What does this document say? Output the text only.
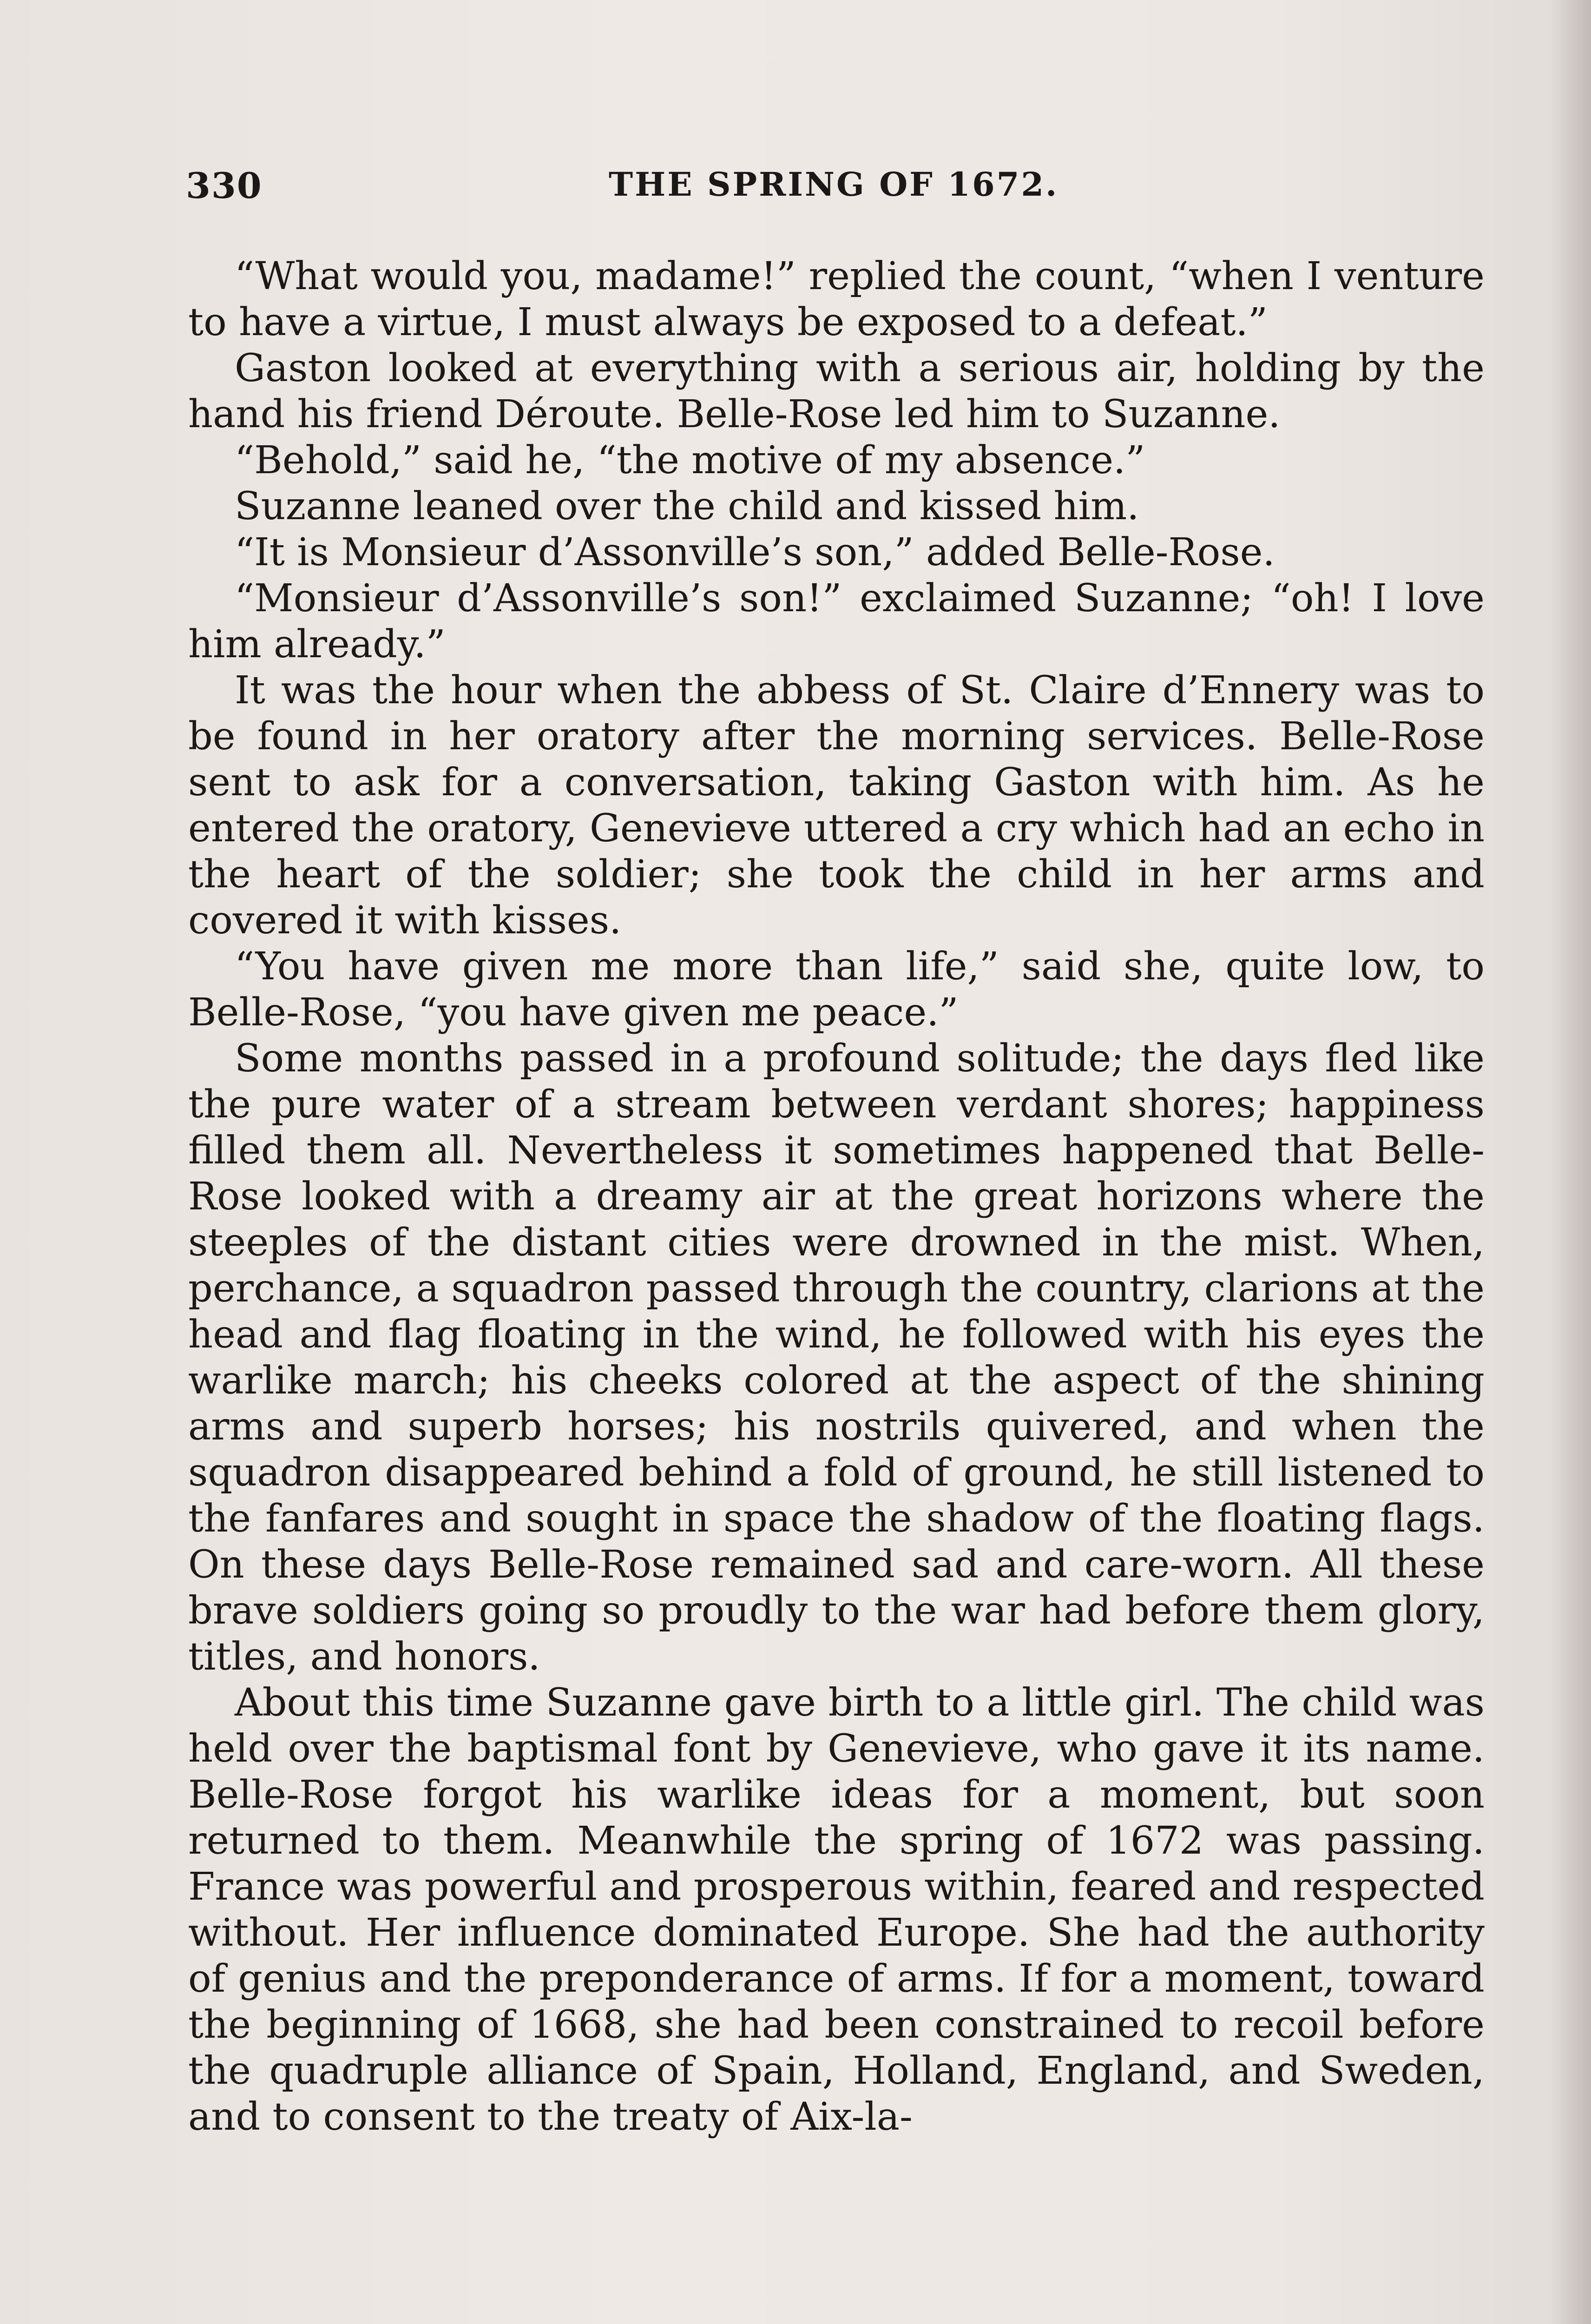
330	THE SPRING OF 1672.

“What would you, madame!” replied the count, “when I venture to have a virtue, I must always be exposed to a defeat.”

Gaston looked at everything with a serious air, holding by the hand his friend Déroute. Belle-Rose led him to Suzanne.

“Behold,” said he, “the motive of my absence.”

Suzanne leaned over the child and kissed him.

“It is Monsieur d’Assonville’s son,” added Belle-Rose.

“Monsieur d’Assonville’s son!” exclaimed Suzanne; “oh! I love him already.”

It was the hour when the abbess of St. Claire d’Ennery was to be found in her oratory after the morning services. Belle-Rose sent to ask for a conversation, taking Gaston with him. As he entered the oratory, Genevieve uttered a cry which had an echo in the heart of the soldier; she took the child in her arms and covered it with kisses.

“You have given me more than life,” said she, quite low, to Belle-Rose, “you have given me peace.”

Some months passed in a profound solitude; the days fled like the pure water of a stream between verdant shores; happiness filled them all. Nevertheless it sometimes happened that Belle-Rose looked with a dreamy air at the great horizons where the steeples of the distant cities were drowned in the mist. When, perchance, a squadron passed through the country, clarions at the head and flag floating in the wind, he followed with his eyes the warlike march; his cheeks colored at the aspect of the shining arms and superb horses; his nostrils quivered, and when the squadron disappeared behind a fold of ground, he still listened to the fanfares and sought in space the shadow of the floating flags. On these days Belle-Rose remained sad and care-worn. All these brave soldiers going so proudly to the war had before them glory, titles, and honors.

About this time Suzanne gave birth to a little girl. The child was held over the baptismal font by Genevieve, who gave it its name. Belle-Rose forgot his warlike ideas for a moment, but soon returned to them. Meanwhile the spring of 1672 was passing. France was powerful and prosperous within, feared and respected without. Her influence dominated Europe. She had the authority of genius and the preponderance of arms. If for a moment, toward the beginning of 1668, she had been constrained to recoil before the quadruple alliance of Spain, Holland, England, and Sweden, and to consent to the treaty of Aix-la-
